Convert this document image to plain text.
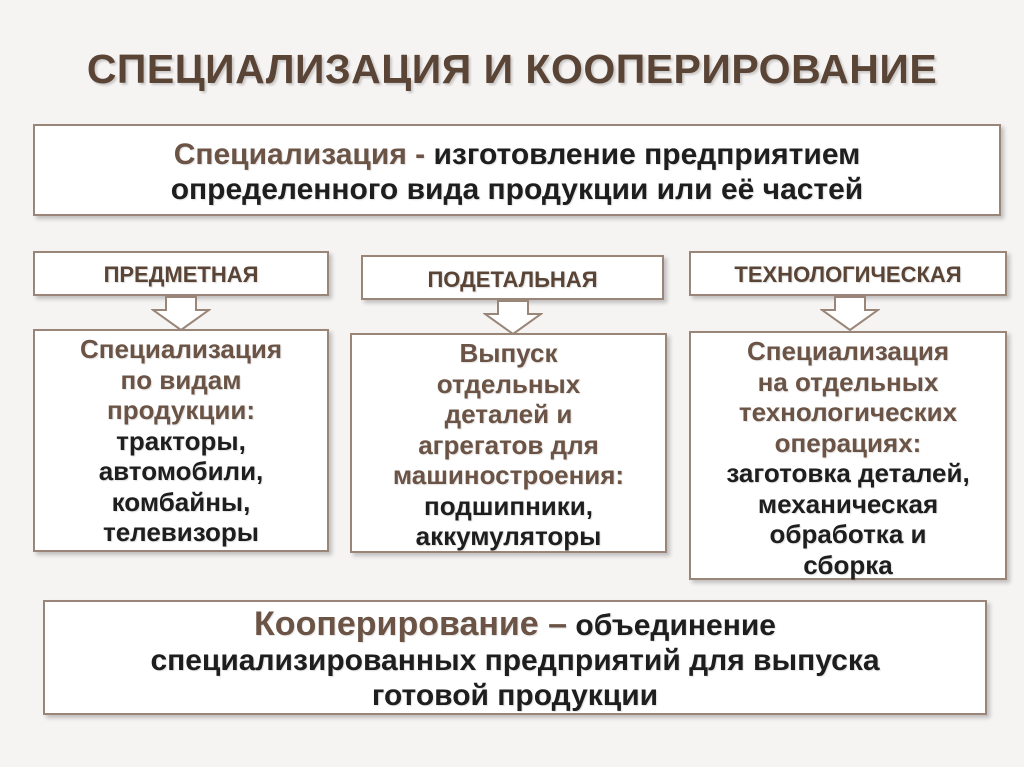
СПЕЦИАЛИЗАЦИЯ И КООПЕРИРОВАНИЕ
Специализация - изготовление предприятием
определенного вида продукции или её частей
ПРЕДМЕТНАЯ	ПОДЕТАЛЬНАЯ	ТЕХНОЛОГИЧЕСКАЯ
Специализация
по видам
продукции:
тракторы,
автомобили,
комбайны,
телевизоры
Выпуск
отдельных
деталей и
агрегатов для
машиностроения:
подшипники,
аккумуляторы
Специализация
на отдельных
технологических
операциях:
заготовка деталей,
механическая
обработка и
сборка
Кооперирование – объединение
специализированных предприятий для выпуска
готовой продукции
